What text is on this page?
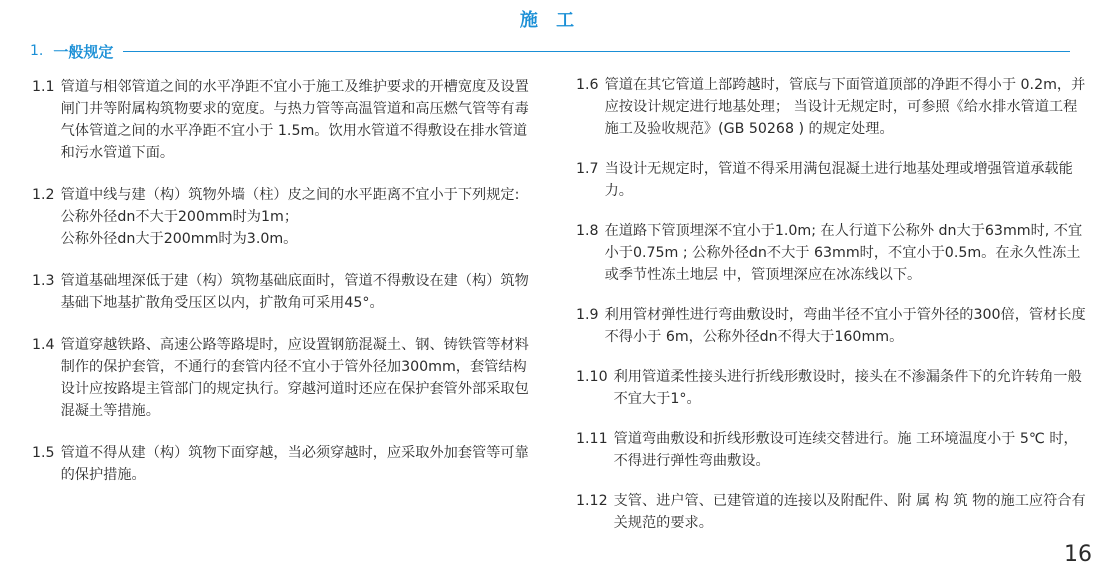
施 工
1. 一般规定
1.1 管道与相邻管道之间的水平净距不宜小于施工及维护要求的开槽宽度及设置闸门井等附属构筑物要求的宽度。与热力管等高温管道和高压燃气管等有毒气体管道之间的水平净距不宜小于 1.5m。饮用水管道不得敷设在排水管道和污水管道下面。
1.2 管道中线与建（构）筑物外墙（柱）皮之间的水平距离不宜小于下列规定:
公称外径dn不大于200mm时为1m；
公称外径dn大于200mm时为3.0m。
1.3 管道基础埋深低于建（构）筑物基础底面时，管道不得敷设在建（构）筑物基础下地基扩散角受压区以内，扩散角可采用45°。
1.4 管道穿越铁路、高速公路等路堤时，应设置钢筋混凝土、钢、铸铁管等材料制作的保护套管，不通行的套管内径不宜小于管外径加300mm，套管结构设计应按路堤主管部门的规定执行。穿越河道时还应在保护套管外部采取包混凝土等措施。
1.5 管道不得从建（构）筑物下面穿越，当必须穿越时，应采取外加套管等可靠的保护措施。
1.6 管道在其它管道上部跨越时，管底与下面管道顶部的净距不得小于 0.2m，并应按设计规定进行地基处理； 当设计无规定时，可参照《给水排水管道工程施工及验收规范》(GB 50268 ) 的规定处理。
1.7 当设计无规定时，管道不得采用满包混凝土进行地基处理或增强管道承载能力。
1.8 在道路下管顶埋深不宜小于1.0m; 在人行道下公称外 dn大于63mm时, 不宜小于0.75m ; 公称外径dn不大于 63mm时，不宜小于0.5m。在永久性冻土或季节性冻土地层 中，管顶埋深应在冰冻线以下。
1.9 利用管材弹性进行弯曲敷设时，弯曲半径不宜小于管外径的300倍，管材长度不得小于 6m，公称外径dn不得大于160mm。
1.10 利用管道柔性接头进行折线形敷设时，接头在不渗漏条件下的允许转角一般不宜大于1°。
1.11 管道弯曲敷设和折线形敷设可连续交替进行。施 工环境温度小于 5℃ 时，不得进行弹性弯曲敷设。
1.12 支管、进户管、已建管道的连接以及附配件、附 属 构 筑 物的施工应符合有关规范的要求。
16
